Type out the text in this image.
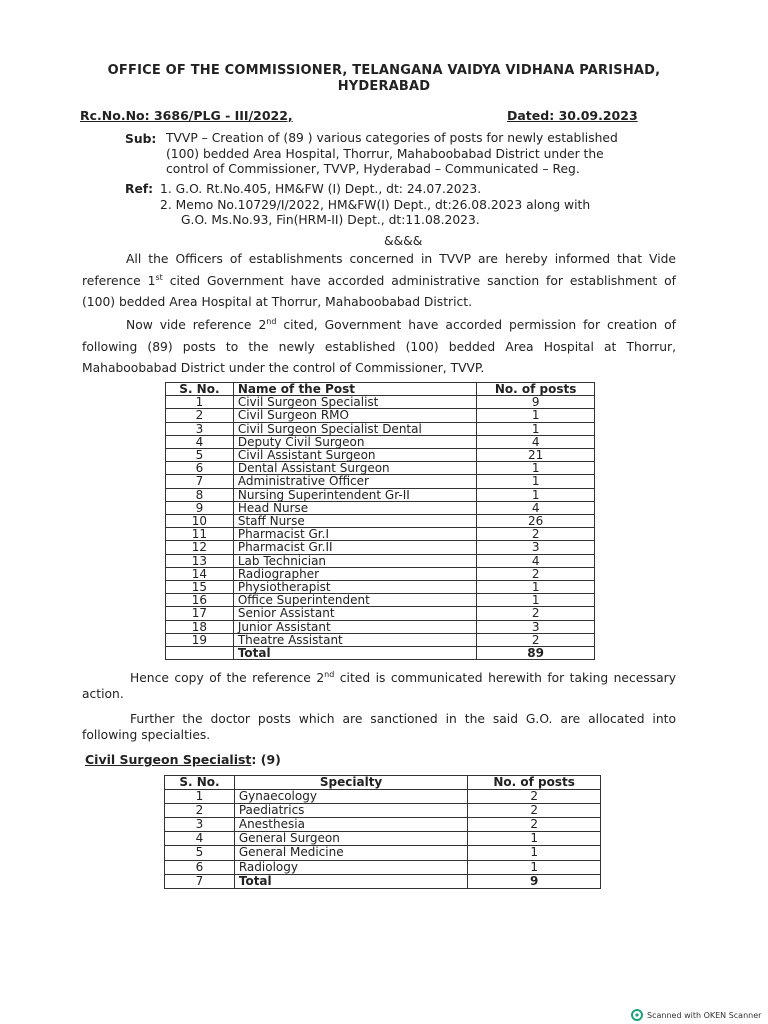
OFFICE OF THE COMMISSIONER, TELANGANA VAIDYA VIDHANA PARISHAD,
HYDERABAD
Rc.No.No: 3686/PLG - III/2022,	Dated: 30.09.2023
Sub: TVVP – Creation of (89 ) various categories of posts for newly established
(100) bedded Area Hospital, Thorrur, Mahaboobabad District under the
control of Commissioner, TVVP, Hyderabad – Communicated – Reg.
Ref: 1. G.O. Rt.No.405, HM&FW (I) Dept., dt: 24.07.2023.
2. Memo No.10729/I/2022, HM&FW(I) Dept., dt:26.08.2023 along with
G.O. Ms.No.93, Fin(HRM-II) Dept., dt:11.08.2023.
&&&&
All the Officers of establishments concerned in TVVP are hereby informed that Vide reference 1st cited Government have accorded administrative sanction for establishment of (100) bedded Area Hospital at Thorrur, Mahaboobabad District.
Now vide reference 2nd cited, Government have accorded permission for creation of following (89) posts to the newly established (100) bedded Area Hospital at Thorrur, Mahaboobabad District under the control of Commissioner, TVVP.
S. No.	Name of the Post	No. of posts
1	Civil Surgeon Specialist	9
2	Civil Surgeon RMO	1
3	Civil Surgeon Specialist Dental	1
4	Deputy Civil Surgeon	4
5	Civil Assistant Surgeon	21
6	Dental Assistant Surgeon	1
7	Administrative Officer	1
8	Nursing Superintendent Gr-II	1
9	Head Nurse	4
10	Staff Nurse	26
11	Pharmacist Gr.I	2
12	Pharmacist Gr.II	3
13	Lab Technician	4
14	Radiographer	2
15	Physiotherapist	1
16	Office Superintendent	1
17	Senior Assistant	2
18	Junior Assistant	3
19	Theatre Assistant	2
	Total	89
Hence copy of the reference 2nd cited is communicated herewith for taking necessary action.
Further the doctor posts which are sanctioned in the said G.O. are allocated into following specialties.
Civil Surgeon Specialist: (9)
S. No.	Specialty	No. of posts
1	Gynaecology	2
2	Paediatrics	2
3	Anesthesia	2
4	General Surgeon	1
5	General Medicine	1
6	Radiology	1
7	Total	9
Scanned with OKEN Scanner
